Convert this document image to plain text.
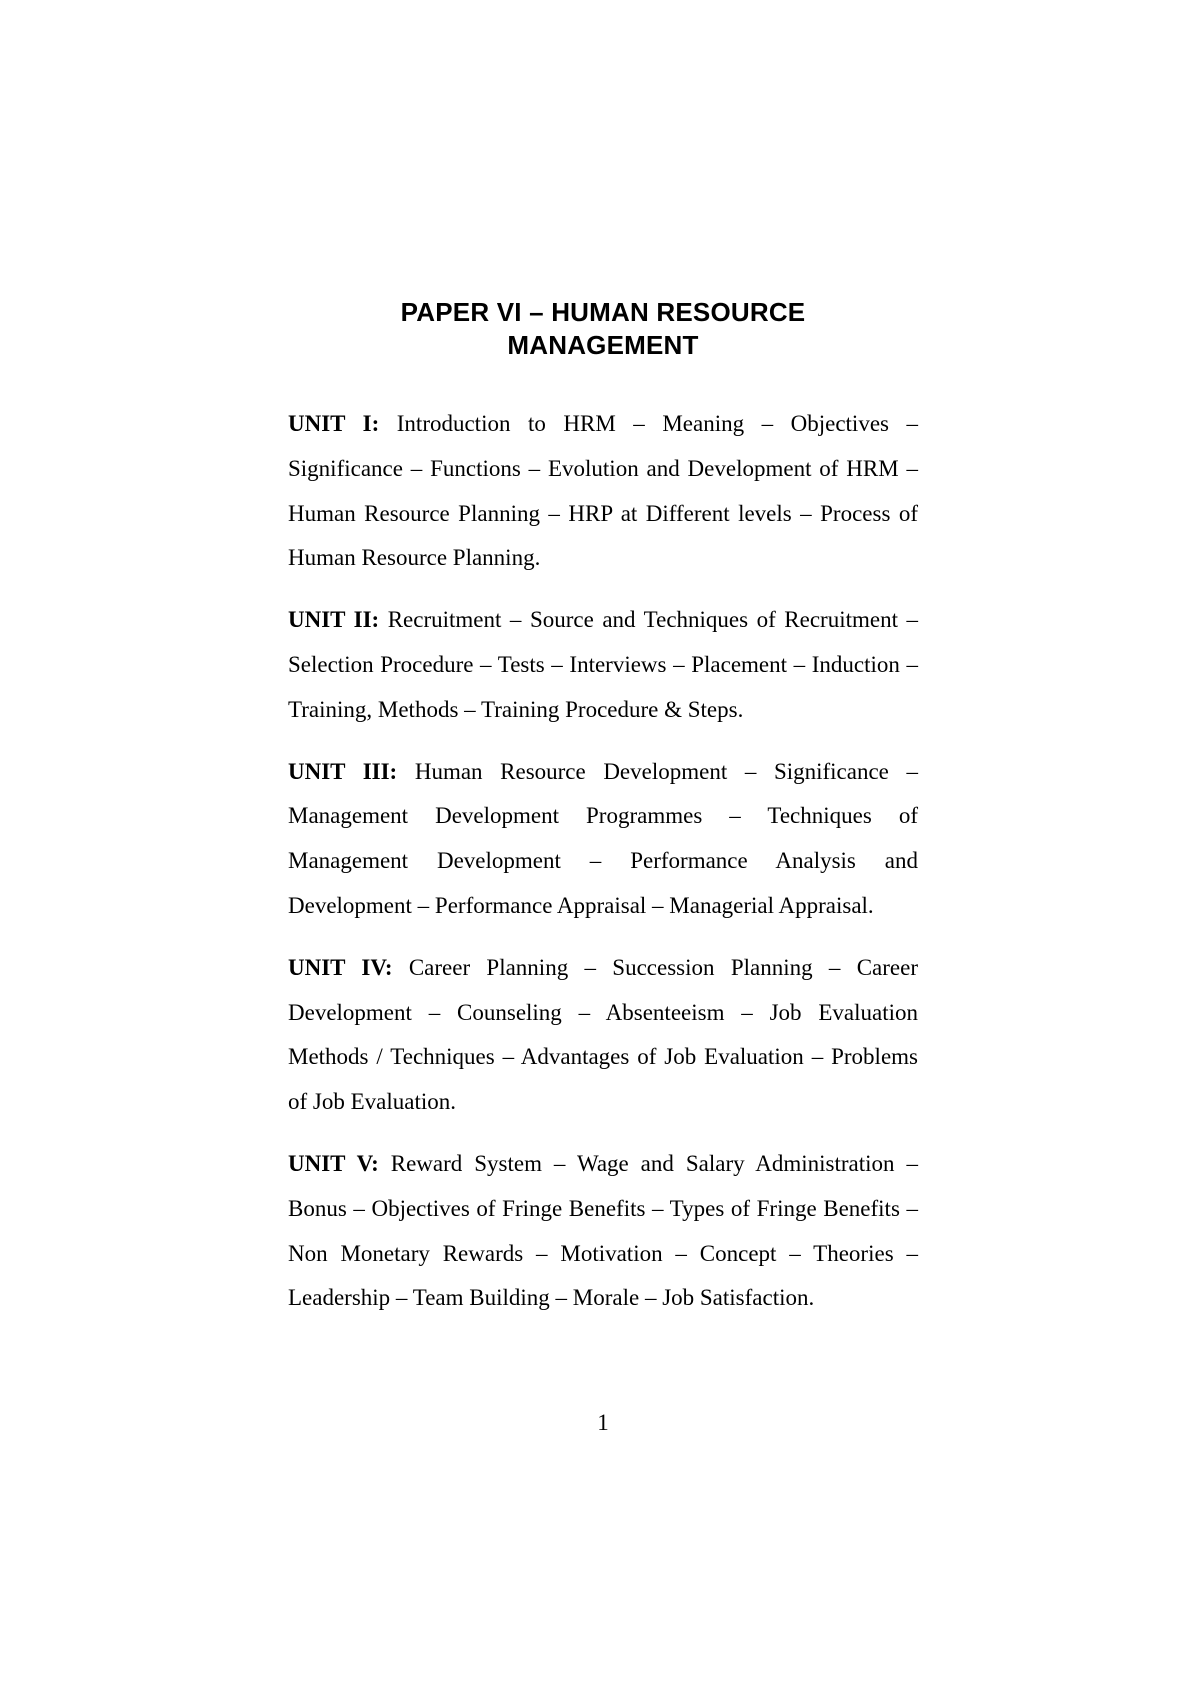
PAPER VI – HUMAN RESOURCE
MANAGEMENT

UNIT I: Introduction to HRM – Meaning – Objectives – Significance – Functions – Evolution and Development of HRM – Human Resource Planning – HRP at Different levels – Process of Human Resource Planning.

UNIT II: Recruitment – Source and Techniques of Recruitment – Selection Procedure – Tests – Interviews – Placement – Induction – Training, Methods – Training Procedure & Steps.

UNIT III: Human Resource Development – Significance – Management Development Programmes – Techniques of Management Development – Performance Analysis and Development – Performance Appraisal – Managerial Appraisal.

UNIT IV: Career Planning – Succession Planning – Career Development – Counseling – Absenteeism – Job Evaluation Methods / Techniques – Advantages of Job Evaluation – Problems of Job Evaluation.

UNIT V: Reward System – Wage and Salary Administration – Bonus – Objectives of Fringe Benefits – Types of Fringe Benefits – Non Monetary Rewards – Motivation – Concept – Theories – Leadership – Team Building – Morale – Job Satisfaction.

1
